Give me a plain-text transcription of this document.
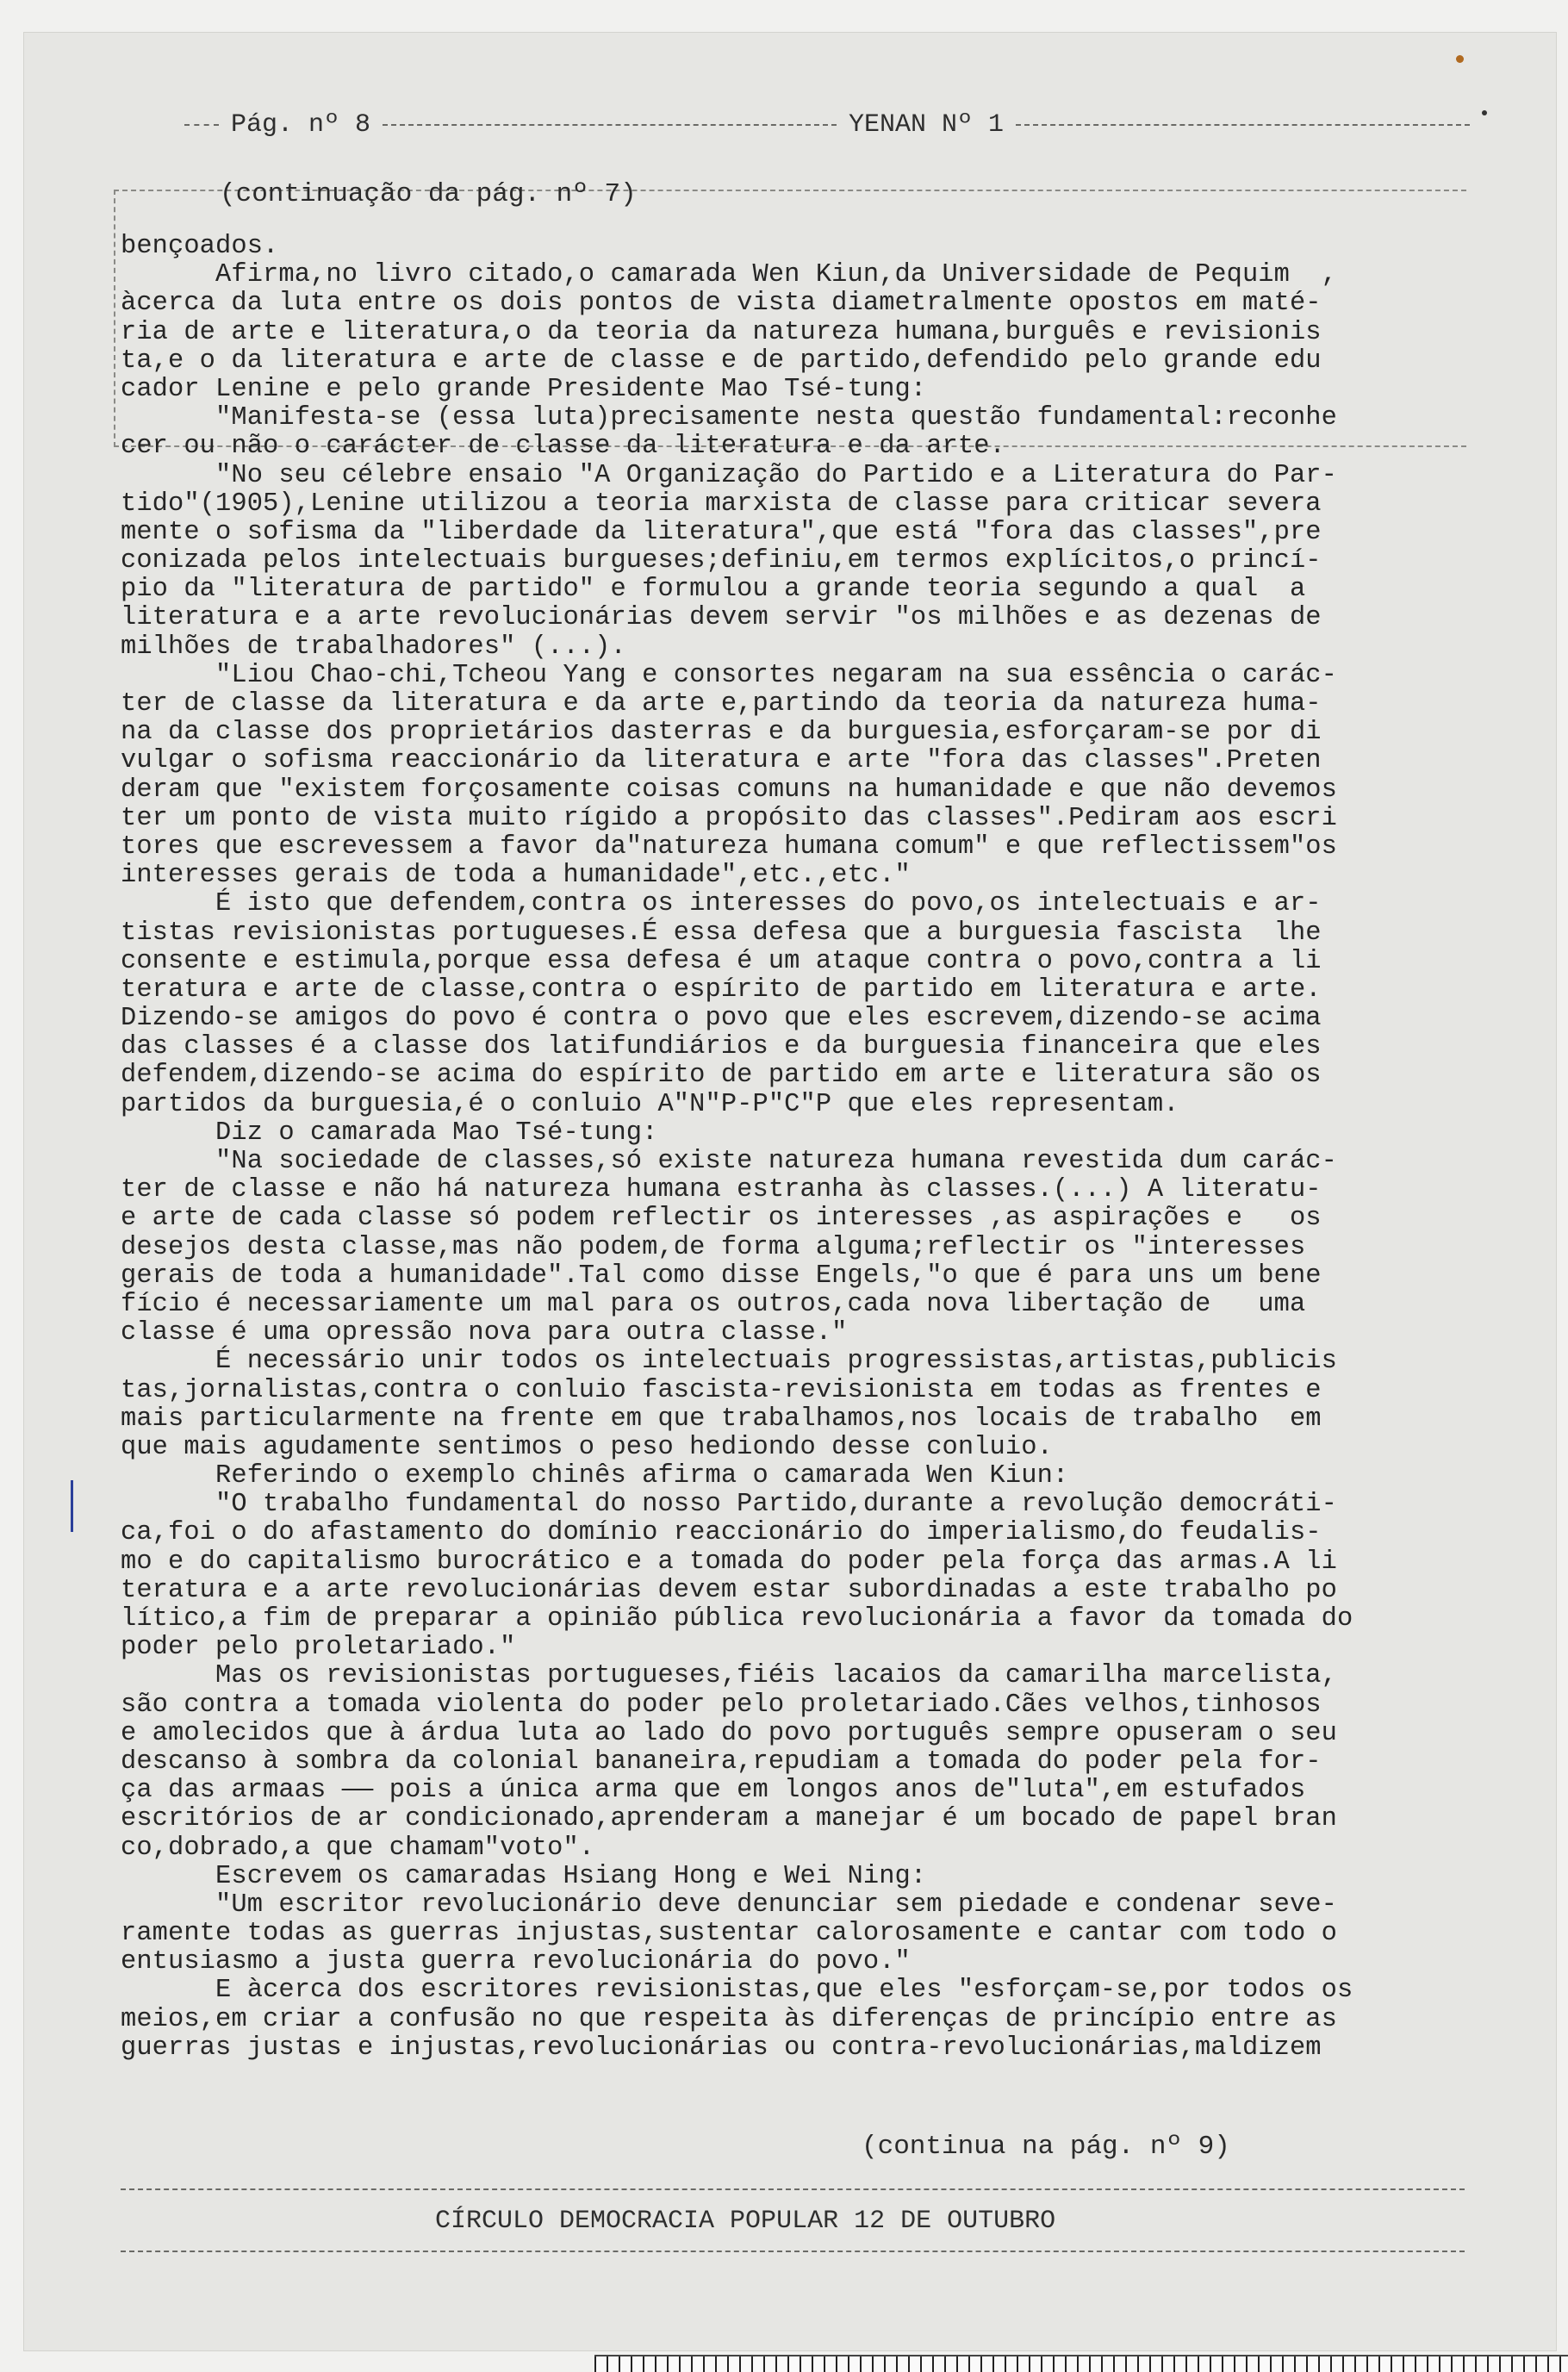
Pág. nº 8	YENAN Nº 1
(continuação da pág. nº 7)
bençoados.
Afirma,no livro citado,o camarada Wen Kiun,da Universidade de Pequim  ,
àcerca da luta entre os dois pontos de vista diametralmente opostos em maté-
ria de arte e literatura,o da teoria da natureza humana,burguês e revisionis
ta,e o da literatura e arte de classe e de partido,defendido pelo grande edu
cador Lenine e pelo grande Presidente Mao Tsé-tung:
"Manifesta-se (essa luta)precisamente nesta questão fundamental:reconhe
cer ou não o carácter de classe da literatura e da arte.
"No seu célebre ensaio "A Organização do Partido e a Literatura do Par-
tido"(1905),Lenine utilizou a teoria marxista de classe para criticar severa
mente o sofisma da "liberdade da literatura",que está "fora das classes",pre
conizada pelos intelectuais burgueses;definiu,em termos explícitos,o princí-
pio da "literatura de partido" e formulou a grande teoria segundo a qual  a
literatura e a arte revolucionárias devem servir "os milhões e as dezenas de
milhões de trabalhadores" (...).
"Liou Chao-chi,Tcheou Yang e consortes negaram na sua essência o carác-
ter de classe da literatura e da arte e,partindo da teoria da natureza huma-
na da classe dos proprietários dasterras e da burguesia,esforçaram-se por di
vulgar o sofisma reaccionário da literatura e arte "fora das classes".Preten
deram que "existem forçosamente coisas comuns na humanidade e que não devemos
ter um ponto de vista muito rígido a propósito das classes".Pediram aos escri
tores que escrevessem a favor da"natureza humana comum" e que reflectissem"os
interesses gerais de toda a humanidade",etc.,etc."
É isto que defendem,contra os interesses do povo,os intelectuais e ar-
tistas revisionistas portugueses.É essa defesa que a burguesia fascista  lhe
consente e estimula,porque essa defesa é um ataque contra o povo,contra a li
teratura e arte de classe,contra o espírito de partido em literatura e arte.
Dizendo-se amigos do povo é contra o povo que eles escrevem,dizendo-se acima
das classes é a classe dos latifundiários e da burguesia financeira que eles
defendem,dizendo-se acima do espírito de partido em arte e literatura são os
partidos da burguesia,é o conluio A"N"P-P"C"P que eles representam.
Diz o camarada Mao Tsé-tung:
"Na sociedade de classes,só existe natureza humana revestida dum carác-
ter de classe e não há natureza humana estranha às classes.(...) A literatu-
e arte de cada classe só podem reflectir os interesses ,as aspirações e   os
desejos desta classe,mas não podem,de forma alguma;reflectir os "interesses
gerais de toda a humanidade".Tal como disse Engels,"o que é para uns um bene
fício é necessariamente um mal para os outros,cada nova libertação de   uma
classe é uma opressão nova para outra classe."
É necessário unir todos os intelectuais progressistas,artistas,publicis
tas,jornalistas,contra o conluio fascista-revisionista em todas as frentes e
mais particularmente na frente em que trabalhamos,nos locais de trabalho  em
que mais agudamente sentimos o peso hediondo desse conluio.
Referindo o exemplo chinês afirma o camarada Wen Kiun:
"O trabalho fundamental do nosso Partido,durante a revolução democráti-
ca,foi o do afastamento do domínio reaccionário do imperialismo,do feudalis-
mo e do capitalismo burocrático e a tomada do poder pela força das armas.A li
teratura e a arte revolucionárias devem estar subordinadas a este trabalho po
lítico,a fim de preparar a opinião pública revolucionária a favor da tomada do
poder pelo proletariado."
Mas os revisionistas portugueses,fiéis lacaios da camarilha marcelista,
são contra a tomada violenta do poder pelo proletariado.Cães velhos,tinhosos
e amolecidos que à árdua luta ao lado do povo português sempre opuseram o seu
descanso à sombra da colonial bananeira,repudiam a tomada do poder pela for-
ça das armaas —— pois a única arma que em longos anos de"luta",em estufados
escritórios de ar condicionado,aprenderam a manejar é um bocado de papel bran
co,dobrado,a que chamam"voto".
Escrevem os camaradas Hsiang Hong e Wei Ning:
"Um escritor revolucionário deve denunciar sem piedade e condenar seve-
ramente todas as guerras injustas,sustentar calorosamente e cantar com todo o
entusiasmo a justa guerra revolucionária do povo."
E àcerca dos escritores revisionistas,que eles "esforçam-se,por todos os
meios,em criar a confusão no que respeita às diferenças de princípio entre as
guerras justas e injustas,revolucionárias ou contra-revolucionárias,maldizem
(continua na pág. nº 9)
CÍRCULO DEMOCRACIA POPULAR 12 DE OUTUBRO
